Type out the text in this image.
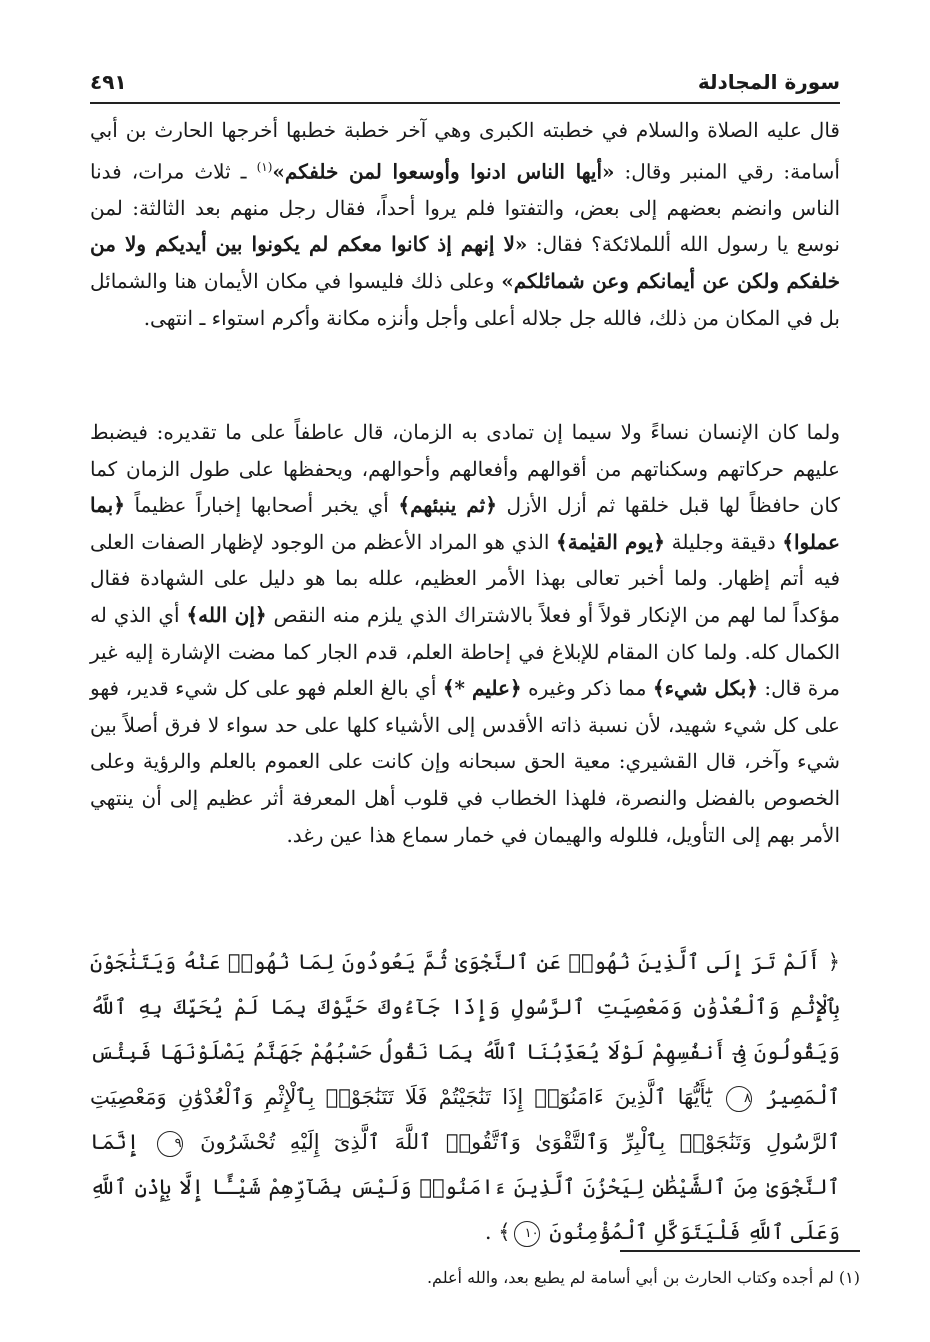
٤٩١	سورة المجادلة
قال عليه الصلاة والسلام في خطبته الكبرى وهي آخر خطبة خطبها أخرجها الحارث بن أبي أسامة: رقي المنبر وقال: «أيها الناس ادنوا وأوسعوا لمن خلفكم»$^{(١)}$ ـ ثلاث مرات، فدنا الناس وانضم بعضهم إلى بعض، والتفتوا فلم يروا أحداً، فقال رجل منهم بعد الثالثة: لمن نوسع يا رسول الله أللملائكة؟ فقال: «لا إنهم إذ كانوا معكم لم يكونوا بين أيديكم ولا من خلفكم ولكن عن أيمانكم وعن شمائلكم» وعلى ذلك فليسوا في مكان الأيمان هنا والشمائل بل في المكان من ذلك، فالله جل جلاله أعلى وأجل وأنزه مكانة وأكرم استواء ـ انتهى.
ولما كان الإنسان نساءً ولا سيما إن تمادى به الزمان، قال عاطفاً على ما تقديره: فيضبط عليهم حركاتهم وسكناتهم من أقوالهم وأفعالهم وأحوالهم، ويحفظها على طول الزمان كما كان حافظاً لها قبل خلقها ثم أزل الأزل ﴿ثم ينبئهم﴾ أي يخبر أصحابها إخباراً عظيماً ﴿بما عملوا﴾ دقيقة وجليلة ﴿يوم القيٰمة﴾ الذي هو المراد الأعظم من الوجود لإظهار الصفات العلى فيه أتم إظهار. ولما أخبر تعالى بهذا الأمر العظيم، علله بما هو دليل على الشهادة فقال مؤكداً لما لهم من الإنكار قولاً أو فعلاً بالاشتراك الذي يلزم منه النقص ﴿إن الله﴾ أي الذي له الكمال كله. ولما كان المقام للإبلاغ في إحاطة العلم، قدم الجار كما مضت الإشارة إليه غير مرة قال: ﴿بكل شيء﴾ مما ذكر وغيره ﴿عليم *﴾ أي بالغ العلم فهو على كل شيء قدير، فهو على كل شيء شهيد، لأن نسبة ذاته الأقدس إلى الأشياء كلها على حد سواء لا فرق أصلاً بين شيء وآخر، قال القشيري: معية الحق سبحانه وإن كانت على العموم بالعلم والرؤية وعلى الخصوص بالفضل والنصرة، فلهذا الخطاب في قلوب أهل المعرفة أثر عظيم إلى أن ينتهي الأمر بهم إلى التأويل، فللوله والهيمان في خمار سماع هذا عين رغد.
﴿ أَلَمْ تَرَ إِلَى ٱلَّذِينَ نُهُوا۟ عَنِ ٱلنَّجْوَىٰ ثُمَّ يَعُودُونَ لِمَا نُهُوا۟ عَنْهُ وَيَتَنَٰجَوْنَ بِٱلْإِثْمِ وَٱلْعُدْوَٰنِ وَمَعْصِيَتِ ٱلرَّسُولِ وَإِذَا جَآءُوكَ حَيَّوْكَ بِمَا لَمْ يُحَيِّكَ بِهِ ٱللَّهُ وَيَقُولُونَ فِىٓ أَنفُسِهِمْ لَوْلَا يُعَذِّبُنَا ٱللَّهُ بِمَا نَقُولُ حَسْبُهُمْ جَهَنَّمُ يَصْلَوْنَهَا فَبِئْسَ ٱلْمَصِيرُ ٨ يَٰٓأَيُّهَا ٱلَّذِينَ ءَامَنُوٓا۟ إِذَا تَنَٰجَيْتُمْ فَلَا تَتَنَٰجَوْا۟ بِٱلْإِثْمِ وَٱلْعُدْوَٰنِ وَمَعْصِيَتِ ٱلرَّسُولِ وَتَنَٰجَوْا۟ بِٱلْبِرِّ وَٱلتَّقْوَىٰ وَٱتَّقُوا۟ ٱللَّهَ ٱلَّذِىٓ إِلَيْهِ تُحْشَرُونَ ٩ إِنَّمَا ٱلنَّجْوَىٰ مِنَ ٱلشَّيْطَٰنِ لِيَحْزُنَ ٱلَّذِينَ ءَامَنُوا۟ وَلَيْسَ بِضَآرِّهِمْ شَيْـًٔا إِلَّا بِإِذْنِ ٱللَّهِ وَعَلَى ٱللَّهِ فَلْيَتَوَكَّلِ ٱلْمُؤْمِنُونَ ١٠﴾ .
(١) لم أجده وكتاب الحارث بن أبي أسامة لم يطبع بعد، والله أعلم.
